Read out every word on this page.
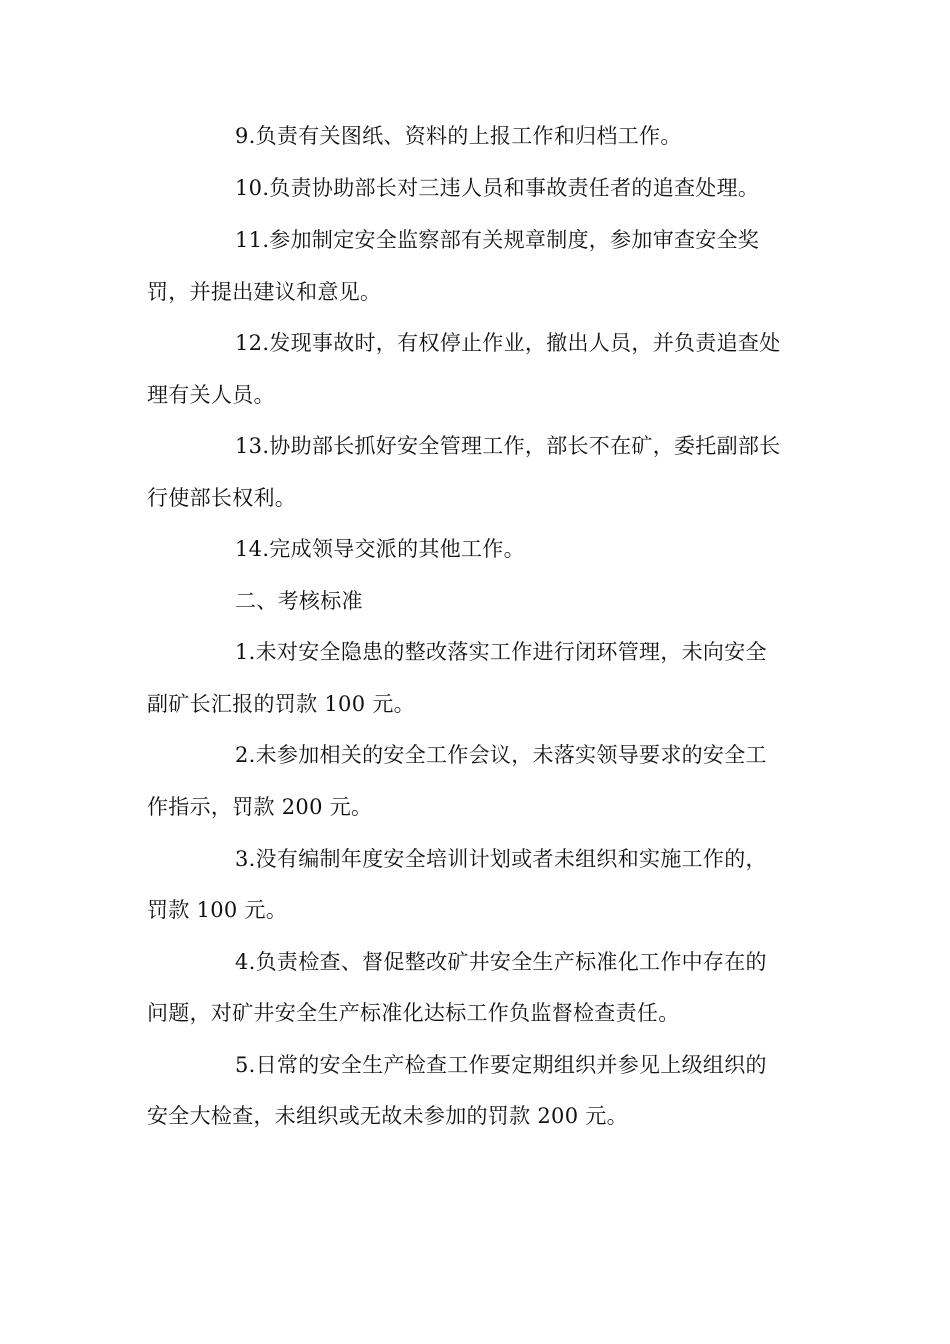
9.负责有关图纸、资料的上报工作和归档工作。
10.负责协助部长对三违人员和事故责任者的追查处理。
11.参加制定安全监察部有关规章制度，参加审查安全奖
罚，并提出建议和意见。
12.发现事故时，有权停止作业，撤出人员，并负责追查处
理有关人员。
13.协助部长抓好安全管理工作，部长不在矿，委托副部长
行使部长权利。
14.完成领导交派的其他工作。
二、考核标准
1.未对安全隐患的整改落实工作进行闭环管理，未向安全
副矿长汇报的罚款 100 元。
2.未参加相关的安全工作会议，未落实领导要求的安全工
作指示，罚款 200 元。
3.没有编制年度安全培训计划或者未组织和实施工作的，
罚款 100 元。
4.负责检查、督促整改矿井安全生产标准化工作中存在的
问题，对矿井安全生产标准化达标工作负监督检查责任。
5.日常的安全生产检查工作要定期组织并参见上级组织的
安全大检查，未组织或无故未参加的罚款 200 元。
